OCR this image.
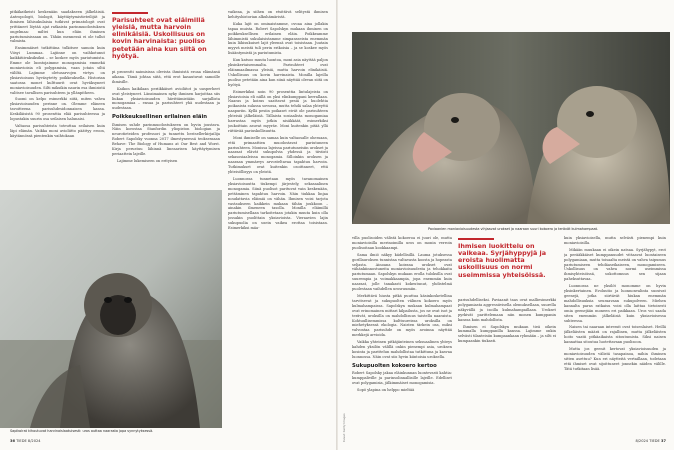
pitkäkatkeisti keskenään saadakseen jälkeläisiä. Antropologit, biologit, käyttäytymistieteilijät ja ihmisen lähisukulaisia tutkivat primatologit ovat yrittäneet löytää ajat ratkaista parinmuodostuksen ongelmaa: miltei kun eläin ihminen pariutumisissaan on. Tähän mennessä ei ole tullut valmista.

Ensimmäiset tutkittiina tulkitsee samoin kuin Viisyi Lummaa. Lajiinne on vaihkotunut kaikkitiivaksiksiksi – se koskee myös pariutumista. Emme ole luontojaimme monogamisia emmekä moniavioisia eli polygamisia, vaan jotain siltä väliltä. Lajimme oletusarvojen virtyn on yksiavioisuus hyväsytetty poikkeuksella. Historian saatossa monet kulttuurit ovat hyväksyneet moniavioisuuden. Silti miksikin naurin esa ihmisistä valitsee tavallisen parisuhteen ja yllänpitheen.

Suomi on kelpo esimerkki siitä, miten vahva yksiavioisuuden perinne on. Olemme eläneen tavoitteena parisuhdesidonnaisen kansa. Keskiläisistä 90 prosenttia elää parisuhteessa ja lopustakin suurin osa seilaisen halunaisi.

Valtaosa parisuhteista toteuttaa seilaisen kuin läpi elämän. Vaikka moni avioliitto päättyy eroon, käytännössä pientenkin vaihtokaan

Parisuhteet ovat eläimillä yleisiä, mutta harvoin elinikäisiä. Uskollisuus on kovin harvinaista: puoliso petetään aina kun siitä on hyötyä.

pi prosentti naimisissa olevista ihmisistä eroaa elämänsä aikana. Tämä johtaa siitä, että erot kasautuvat samoille ihmisille.

Kaikon kaikilaan periikkäiset avioliitot ja uusperheet ovat yleistyneet. Länsimainen nyky ihminen harjoittaa siis liukan yksiavioisuuden hävittämistään sarjallista monogamiaa – ensaa ja parisuhteet yhä uudestaan ja uudestaan.

Poikkeuksellinen erilainen eläin

Ihmisen suhde parinmuodostukseen on hyvin joustava. Näin korostaa Stanfordin yliopiston biologian ja neurotieteiden professori ja tunnettu bestsellerkirjailija Robert Sapolsky vuonna 2017 ilmestyneessä teoksessaan Behave: The Biology of Humans at Our Best and Worst. Kirja perustuu lähinnä lineaarisen käyttäytymisen periaattein lajeille.

Lajimme lukemiseen on erityisen

vaikeaa, ja siihen on etsittävä selitystä ihmisen kehityshistorian alkuhämäristä.

Kuka lajit on ominaistamme, ovoaa aina jollakin tapaa muista. Robert Sapolskyn mukaan ihminen on poikkeuksellisen erilainen eläin. Poikkeamme lähimmistä sukulaisistamme simpansseista enemmän kuin lähisukuiset lajit yleensä ovat toisistaan. Juutain myyvä meistä tuli perin erikoisia – ja se koskee myös lisääntymistä ja pariutumista.

Kun katsoo muuta luontoa, moni asia näyttää paljon yksinkertaisemmalta. Parisuhteet ovat eläinmaailmassa yleisiä, mutta harvoin elinikäisiä. Uskollisuus on kovin harvinaista. Monilla lajeilla puoliso petetään aina kun siinä näyttää olevan siitä on hyötyä.

Esimerkiksi noin 90 prosenttia lintulajeista on yksiavioisia eli niillä on yksi elinkumppani kerrallaan. Naaras ja koiras saattavat pesiä ja huolehtia poikasista sulassa sovussa, mutta tehdä salaa yhteyttä naapuriin. Kyllä pesiin poikaset eivät ole parisuhteen yhteisiä jälkeläisiä. Tällaista sosiaalista monogamiaa harrastaa myös jotkin nisäkkäät, esimerkiksi joukoittain asuvat myyräe. Moni kuitenkin pitää yllä riittävää pariuskollisuutta.

Moni ihmiselle on samaa kuin valtaosalle ohessaan, että primaattien muodostavat pariutuneen parisuhteen. Monissa lajeissa pariutuneisiin urokset ja naaraat elävät sukupolvia yhdessä ja tiiviisti sekasosiaaleissa monogamia. Silloinkin uroksen ja naaraan ymmärrys arvosteltavaa tapahtuu harvoin. Tutkimukset ovat kuitenkin osoittaneet, että yhteisöllisyys on yleistä.

Luonnossa tunnetaan myös tavanomainen yksiavioisuutta tiukempi järjestely, sekasaalinen monogamia. Siinä puolisot parituvat vain keskenään, pettäminen tapahtuu harvoin. Näin tiukkaa linjaa noudattavia eläimiä on vähän. Ihmisen voisi tarjota vastaukseen kaikkein mukaan tähän joukkoon – ainakin ilmeneen tasolla. Monilla eläimillä pariutumisellaan tarkoitetaan jotakin muuta kuin olla jossakin puolittain yksiavioista. Vieraavien lajin sukupuolia on usein vaikea erottaa toisistaan. Esimerkiksi mäa-

Sapikolrat kihoutuvat harvinaislaatuisesti: uros auttaa naarasta jopa synnytyksessä.
36 TIEDE 8/2024
Paviaanien moniavioisuudesta vihjaavat urokset ja naaraan suuri kokoero ja terävät kulmahampaat.
Kuvat: Getty Images

villa puolisoiden välistä kokoeroa ei juuri ole, mutta moniavioisilla merinoimilla uros on monin verroin puolisoitaan kookkaampi.

Sama ilmiö näkyy kädellisillä. Lauma jotuksessa gorillauroksen tunnistaa valtavasta koosta ja hopeasta seljasta. Ainoana koirana urokset ovat vähänkiinnostuneita moniavioisuudesta ja tehokkaita pariutumaan. Sapolskyn mukaan erolla tuloksilla ovat suurempia ja voimakkaampia, jopa enemmän kuin naaraat, jolle tanakasti kokeutunut, yhdistelmä puolestaan vaihdellen urosruumiin.

Merkittävä hiusta pitkä puuttua käsinkosketellina tarvitsevat ja sukupuolten välinen kokoero myös kulmahampaissa. Sapolskyn mukaan kulmahampaat ovat erinomainen mittari kilpailusta, jos ne ovat isot ja terävät, uroksilla on mahdollisuus taistella naaraista. Kohtuullisemmissa kulttuureissa uroksilla on miehetyksessä ekologia. Naisten tärkein osa, miksi valvontaa parisuhde on myös avoinna näyttää merkkejä arvioida.

Vaikka yhteinen pitkäjänteinen seksuaalinen yhteys kahden yksilön välillä onkin pienempi asia, uroksen kosinta ja parittelun mahdollistaa tutkittuna ja kasvaa luonnossa. Näin ovat siis hyvin kiintoisia uroksella.

Sukupuolten kokoero kertoo

Robert Sapolsky jakaa eläinkunnan luontevasti kahtia: kumppaliville ja parinsolinnallisille lajeille. Edelliset ovat polygamisia, jälkimmäiset monogamisia.

Sopö ylapina on helppo mieltää

Ihmisen luokittelu on vaikeaa. Syrjähyppyjä ja eroista huolimatta uskollisuus on normi useimmissa yhteisöissä.

parisuhdelliseksi. Paviaanit taas ovat malliesimerkki polygamiasta aggressiivisella olemuksellaan, suurella näkyvällä ja isoilla kulmahampaillaan. Urokset pyrkivät parittelemaan niin monen kumppanin kanssa kuin mahdollista.

Ihmisen ei Sapolskyn mukaan tieä oikein kummalla kumppanilla kanssa. Lajimme onkin selvästi tilanteisiin kumpaankaan ryhmään – ja silti ei kumpaankin tiukasti.

kuin yksiavioisella, mutta selvästi pienempi kuin moniavioisilla.

Mikään muukaan ei oikein natsaa. Syrjähypyt, erot ja perääkkäiset kumppanuudet vittaavat luontaiseen polygamiaan, mutta toisaalta meistä on vahva taipumus pariutumiseen tehdäaseikaiseen, monogamiseen. Uskollisuus on vahva normi useimmissa ihmisyhteisöissä, uskottomuus sen sijaan paheksuttavaa.

Luonnossa ne yksilöt monomme on hyvin yksinkertainen. Evoluutio ja luonnonvalinta suosivat geenejä, jotka siirtävät hiukan enemmän mahdollisuuksia seuraavaan sukupolveen. Miehen kannalta paras ratkaisu voisi olla laittaa tietoisesti omia geenejään moneen eri paikkaan. Uros voi saada siten enemmän jälkeläisiä kuin yksiavioisessa suhteessa.

Naisen tai naaraan intressit ovat toisenlaiset. Heillä jälkeläisten määrä on rajallinen, mutta jälkeläisten hoito vaatii pitkäaikaista sitoutumista. Siksi naisen kannattaa sitoutua luotettavaan puolisoon.

Mutta jos geenit kertovat yksiavioisuuden ja moniavioisuuden välistä tasapainoa, mihin ihminen sitten asettuu? Kun eri näytteitä vertaillaan, todetaan että ihmiset ovat sijoittuneet jonnekin näiden välille. Tätä tutkitaan lisää.

8/2024 TIEDE 37
